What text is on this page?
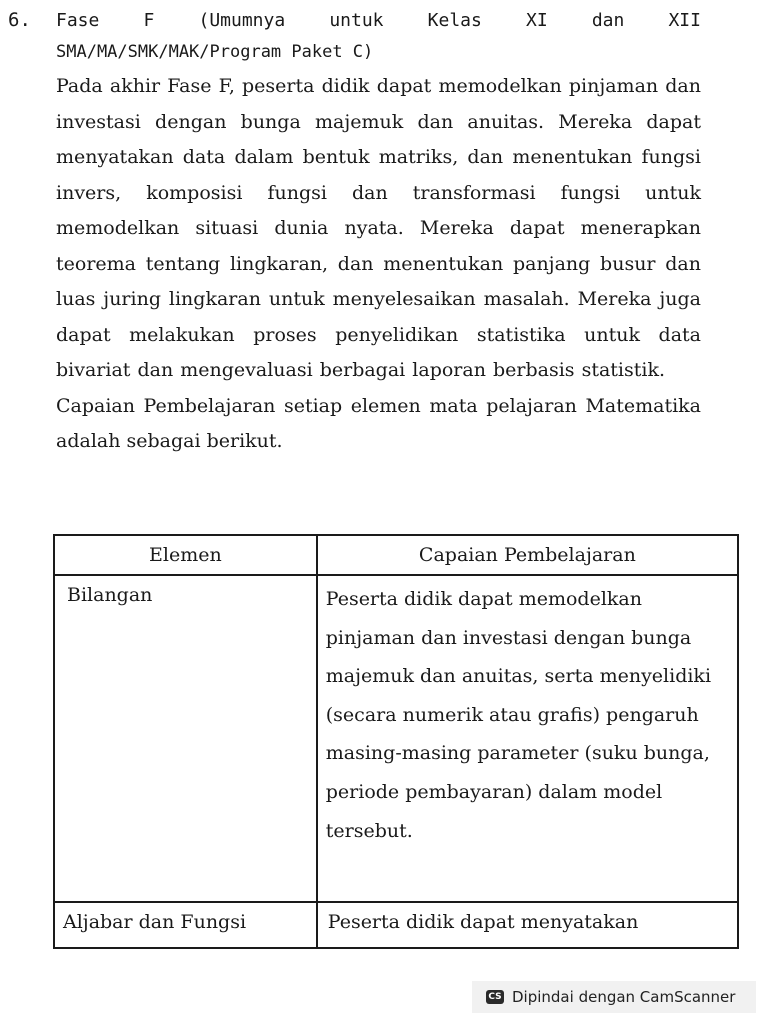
6. Fase F (Umumnya untuk Kelas XI dan XII
SMA/MA/SMK/MAK/Program Paket C)

Pada akhir Fase F, peserta didik dapat memodelkan pinjaman dan investasi dengan bunga majemuk dan anuitas. Mereka dapat menyatakan data dalam bentuk matriks, dan menentukan fungsi invers, komposisi fungsi dan transformasi fungsi untuk memodelkan situasi dunia nyata. Mereka dapat menerapkan teorema tentang lingkaran, dan menentukan panjang busur dan luas juring lingkaran untuk menyelesaikan masalah. Mereka juga dapat melakukan proses penyelidikan statistika untuk data bivariat dan mengevaluasi berbagai laporan berbasis statistik.

Capaian Pembelajaran setiap elemen mata pelajaran Matematika adalah sebagai berikut.

Elemen	Capaian Pembelajaran
Bilangan	Peserta didik dapat memodelkan pinjaman dan investasi dengan bunga majemuk dan anuitas, serta menyelidiki (secara numerik atau grafis) pengaruh masing-masing parameter (suku bunga, periode pembayaran) dalam model tersebut.
Aljabar dan Fungsi	Peserta didik dapat menyatakan
CS Dipindai dengan CamScanner
